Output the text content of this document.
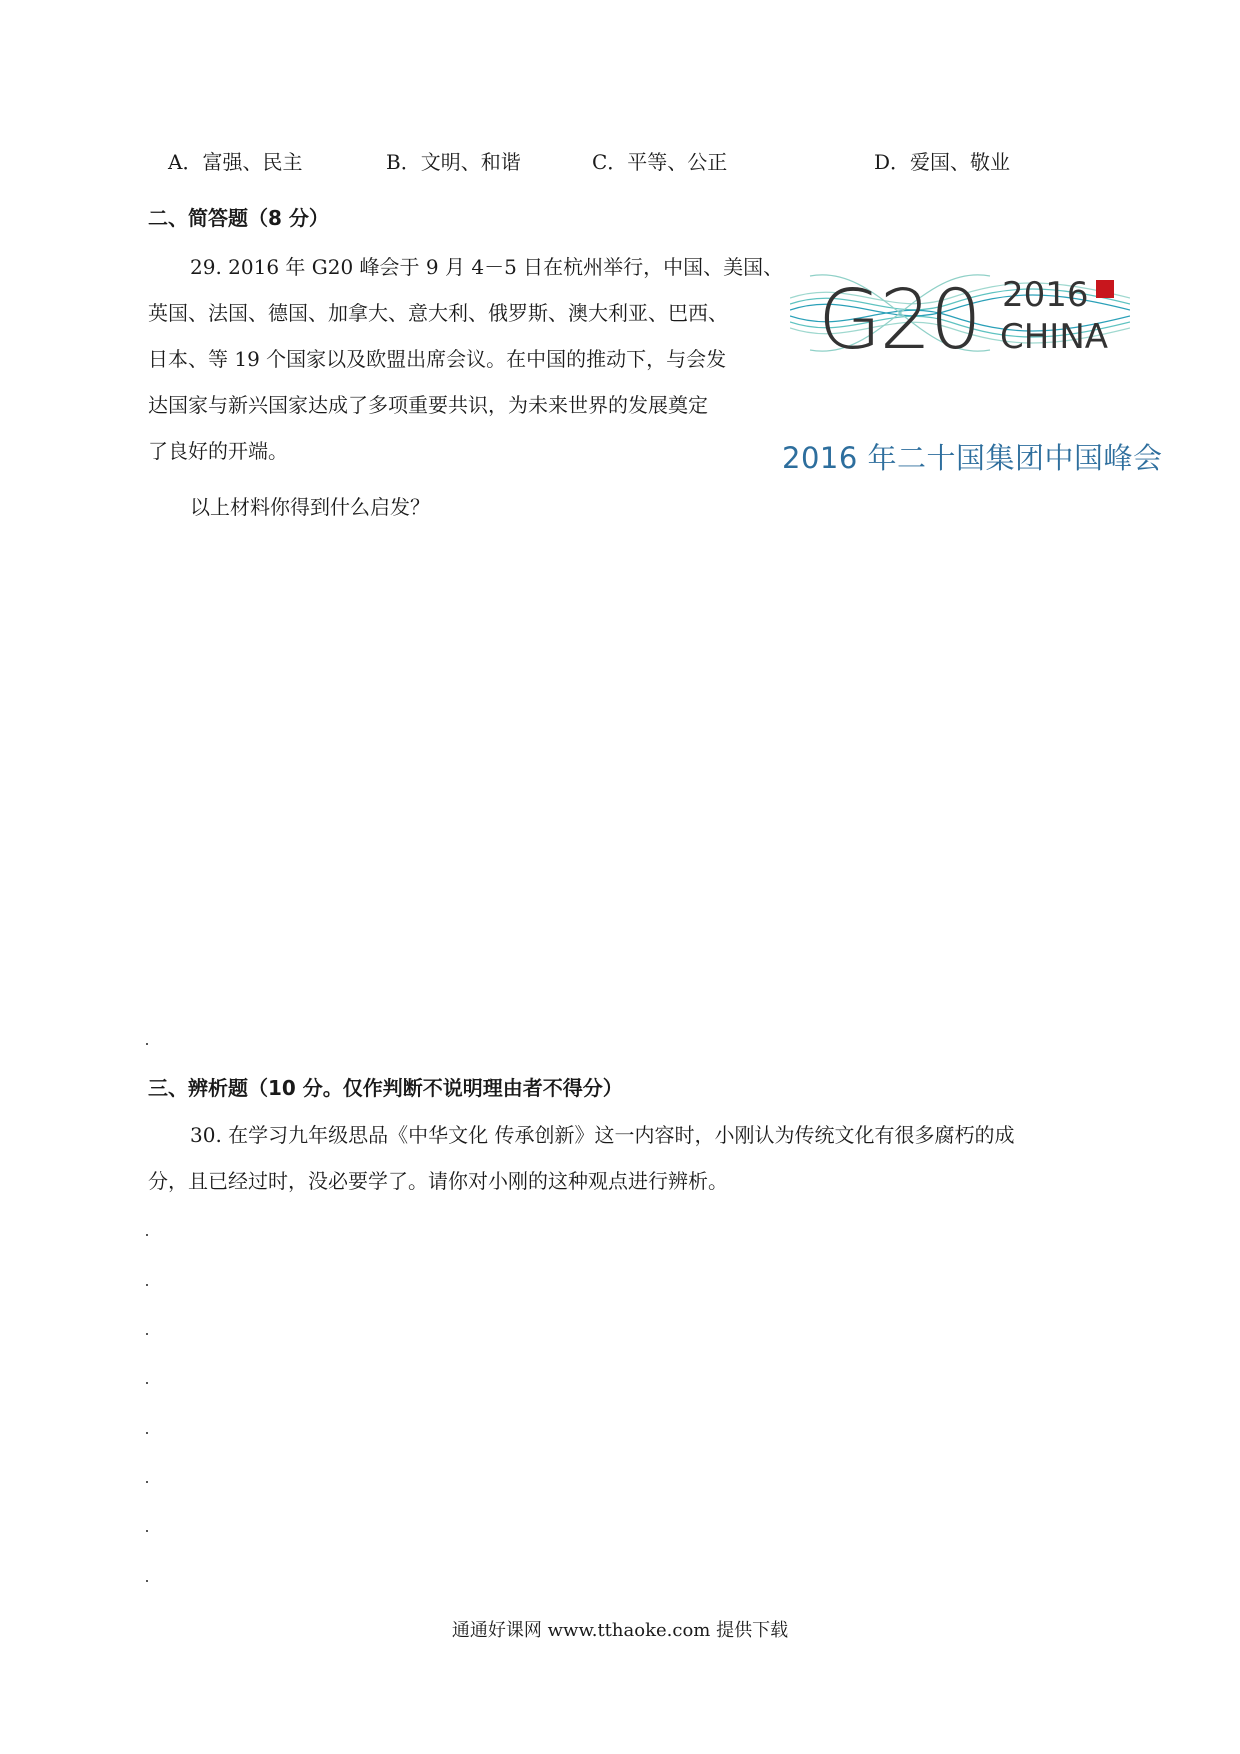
A．富强、民主	B．文明、和谐	C．平等、公正	D．爱国、敬业
二、简答题（8 分）
29. 2016 年 G20 峰会于 9 月 4－5 日在杭州举行，中国、美国、
英国、法国、德国、加拿大、意大利、俄罗斯、澳大利亚、巴西、
日本、等 19 个国家以及欧盟出席会议。在中国的推动下，与会发
达国家与新兴国家达成了多项重要共识，为未来世界的发展奠定
了良好的开端。
以上材料你得到什么启发？
G20 2016
CHINA
2016 年二十国集团中国峰会
三、辨析题（10 分。仅作判断不说明理由者不得分）
30. 在学习九年级思品《中华文化 传承创新》这一内容时，小刚认为传统文化有很多腐朽的成
分，且已经过时，没必要学了。请你对小刚的这种观点进行辨析。
通通好课网 www.tthaoke.com 提供下载
